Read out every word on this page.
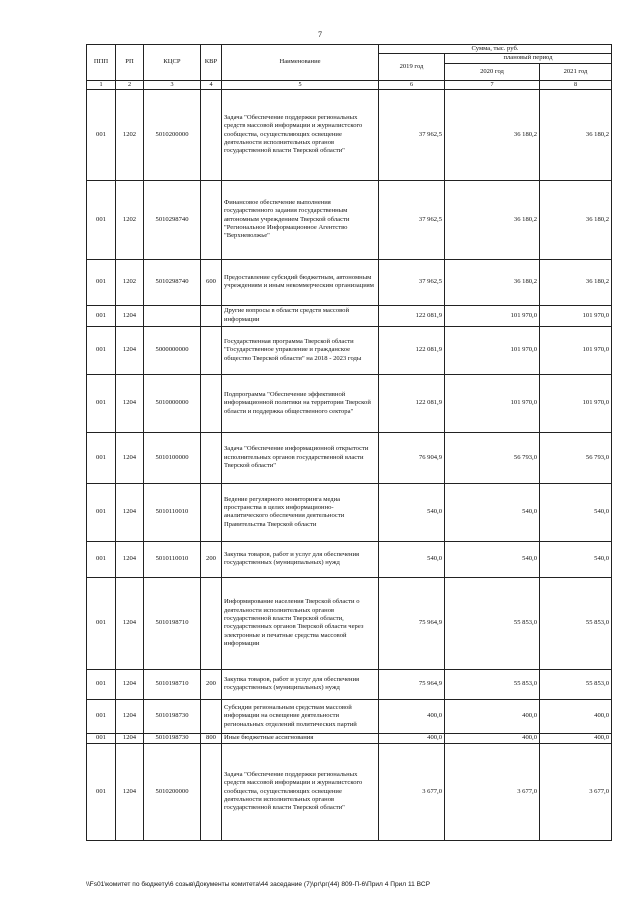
7
ППП	РП	КЦСР	КВР	Наименование	Сумма, тыс. руб.		
					2019 год	плановый период	
						2020 год	2021 год
1	2	3	4	5	6	7	8
001	1202	5010200000		Задача "Обеспечение поддержки региональных средств массовой информации и журналистского сообщества, осуществляющих освещение деятельности исполнительных органов государственной власти Тверской области"	37 962,5	36 180,2	36 180,2
001	1202	5010298740		Финансовое обеспечение выполнения государственного задания государственным автономным учреждением Тверской области "Региональное Информационное Агентство "Верхневолжье"	37 962,5	36 180,2	36 180,2
001	1202	5010298740	600	Предоставление субсидий бюджетным, автономным учреждениям и иным некоммерческим организациям	37 962,5	36 180,2	36 180,2
001	1204			Другие вопросы в области средств массовой информации	122 081,9	101 970,0	101 970,0
001	1204	5000000000		Государственная программа Тверской области "Государственное управление и гражданское общество Тверской области" на 2018 - 2023 годы	122 081,9	101 970,0	101 970,0
001	1204	5010000000		Подпрограмма "Обеспечение эффективной информационной политики на территории Тверской области и поддержка общественного сектора"	122 081,9	101 970,0	101 970,0
001	1204	5010100000		Задача "Обеспечение информационной открытости исполнительных органов государственной власти Тверской области"	76 904,9	56 793,0	56 793,0
001	1204	5010110010		Ведение регулярного мониторинга медиа пространства в целях информационно-аналитического обеспечения деятельности Правительства Тверской области	540,0	540,0	540,0
001	1204	5010110010	200	Закупка товаров, работ и услуг для обеспечения государственных (муниципальных) нужд	540,0	540,0	540,0
001	1204	5010198710		Информирование населения Тверской области о деятельности исполнительных органов государственной власти Тверской области, государственных органов Тверской области через электронные и печатные средства массовой информации	75 964,9	55 853,0	55 853,0
001	1204	5010198710	200	Закупка товаров, работ и услуг для обеспечения государственных (муниципальных) нужд	75 964,9	55 853,0	55 853,0
001	1204	5010198730		Субсидии региональным средствам массовой информации на освещение деятельности региональных отделений политических партий	400,0	400,0	400,0
001	1204	5010198730	800	Иные бюджетные ассигнования	400,0	400,0	400,0
001	1204	5010200000		Задача "Обеспечение поддержки региональных средств массовой информации и журналистского сообщества, осуществляющих освещение деятельности исполнительных органов государственной власти Тверской области"	3 677,0	3 677,0	3 677,0
\\Fs01\комитет по бюджету\6 созыв\Документы комитета\44 заседание (7)\рг\рг(44) 809-П-6\Прил 4 Прил 11 ВСР
